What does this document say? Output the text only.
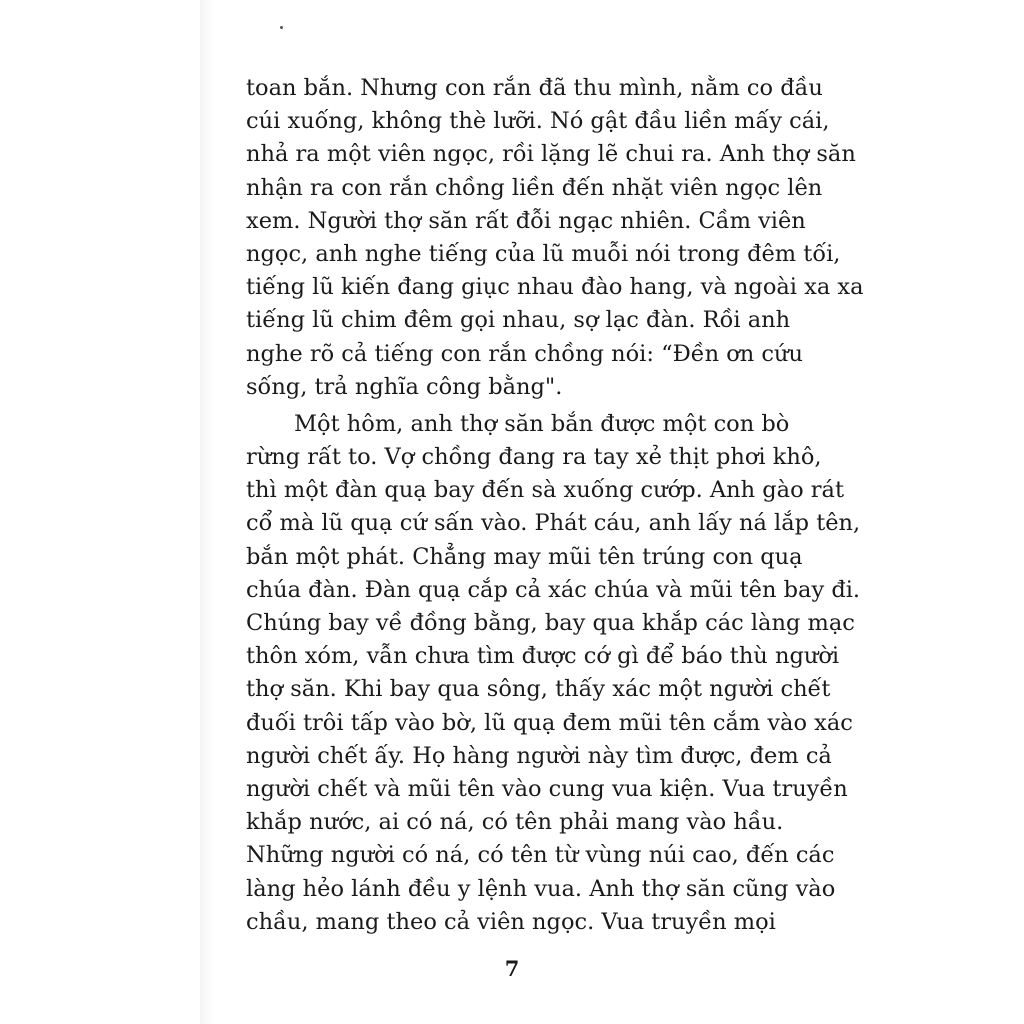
toan bắn. Nhưng con rắn đã thu mình, nằm co đầu
cúi xuống, không thè lưỡi. Nó gật đầu liền mấy cái,
nhả ra một viên ngọc, rồi lặng lẽ chui ra. Anh thợ săn
nhận ra con rắn chồng liền đến nhặt viên ngọc lên
xem. Người thợ săn rất đỗi ngạc nhiên. Cầm viên
ngọc, anh nghe tiếng của lũ muỗi nói trong đêm tối,
tiếng lũ kiến đang giục nhau đào hang, và ngoài xa xa
tiếng lũ chim đêm gọi nhau, sợ lạc đàn. Rồi anh
nghe rõ cả tiếng con rắn chồng nói: “Đền ơn cứu
sống, trả nghĩa công bằng".
Một hôm, anh thợ săn bắn được một con bò
rừng rất to. Vợ chồng đang ra tay xẻ thịt phơi khô,
thì một đàn quạ bay đến sà xuống cướp. Anh gào rát
cổ mà lũ quạ cứ sấn vào. Phát cáu, anh lấy ná lắp tên,
bắn một phát. Chẳng may mũi tên trúng con quạ
chúa đàn. Đàn quạ cắp cả xác chúa và mũi tên bay đi.
Chúng bay về đồng bằng, bay qua khắp các làng mạc
thôn xóm, vẫn chưa tìm được cớ gì để báo thù người
thợ săn. Khi bay qua sông, thấy xác một người chết
đuối trôi tấp vào bờ, lũ quạ đem mũi tên cắm vào xác
người chết ấy. Họ hàng người này tìm được, đem cả
người chết và mũi tên vào cung vua kiện. Vua truyền
khắp nước, ai có ná, có tên phải mang vào hầu.
Những người có ná, có tên từ vùng núi cao, đến các
làng hẻo lánh đều y lệnh vua. Anh thợ săn cũng vào
chầu, mang theo cả viên ngọc. Vua truyền mọi
7
